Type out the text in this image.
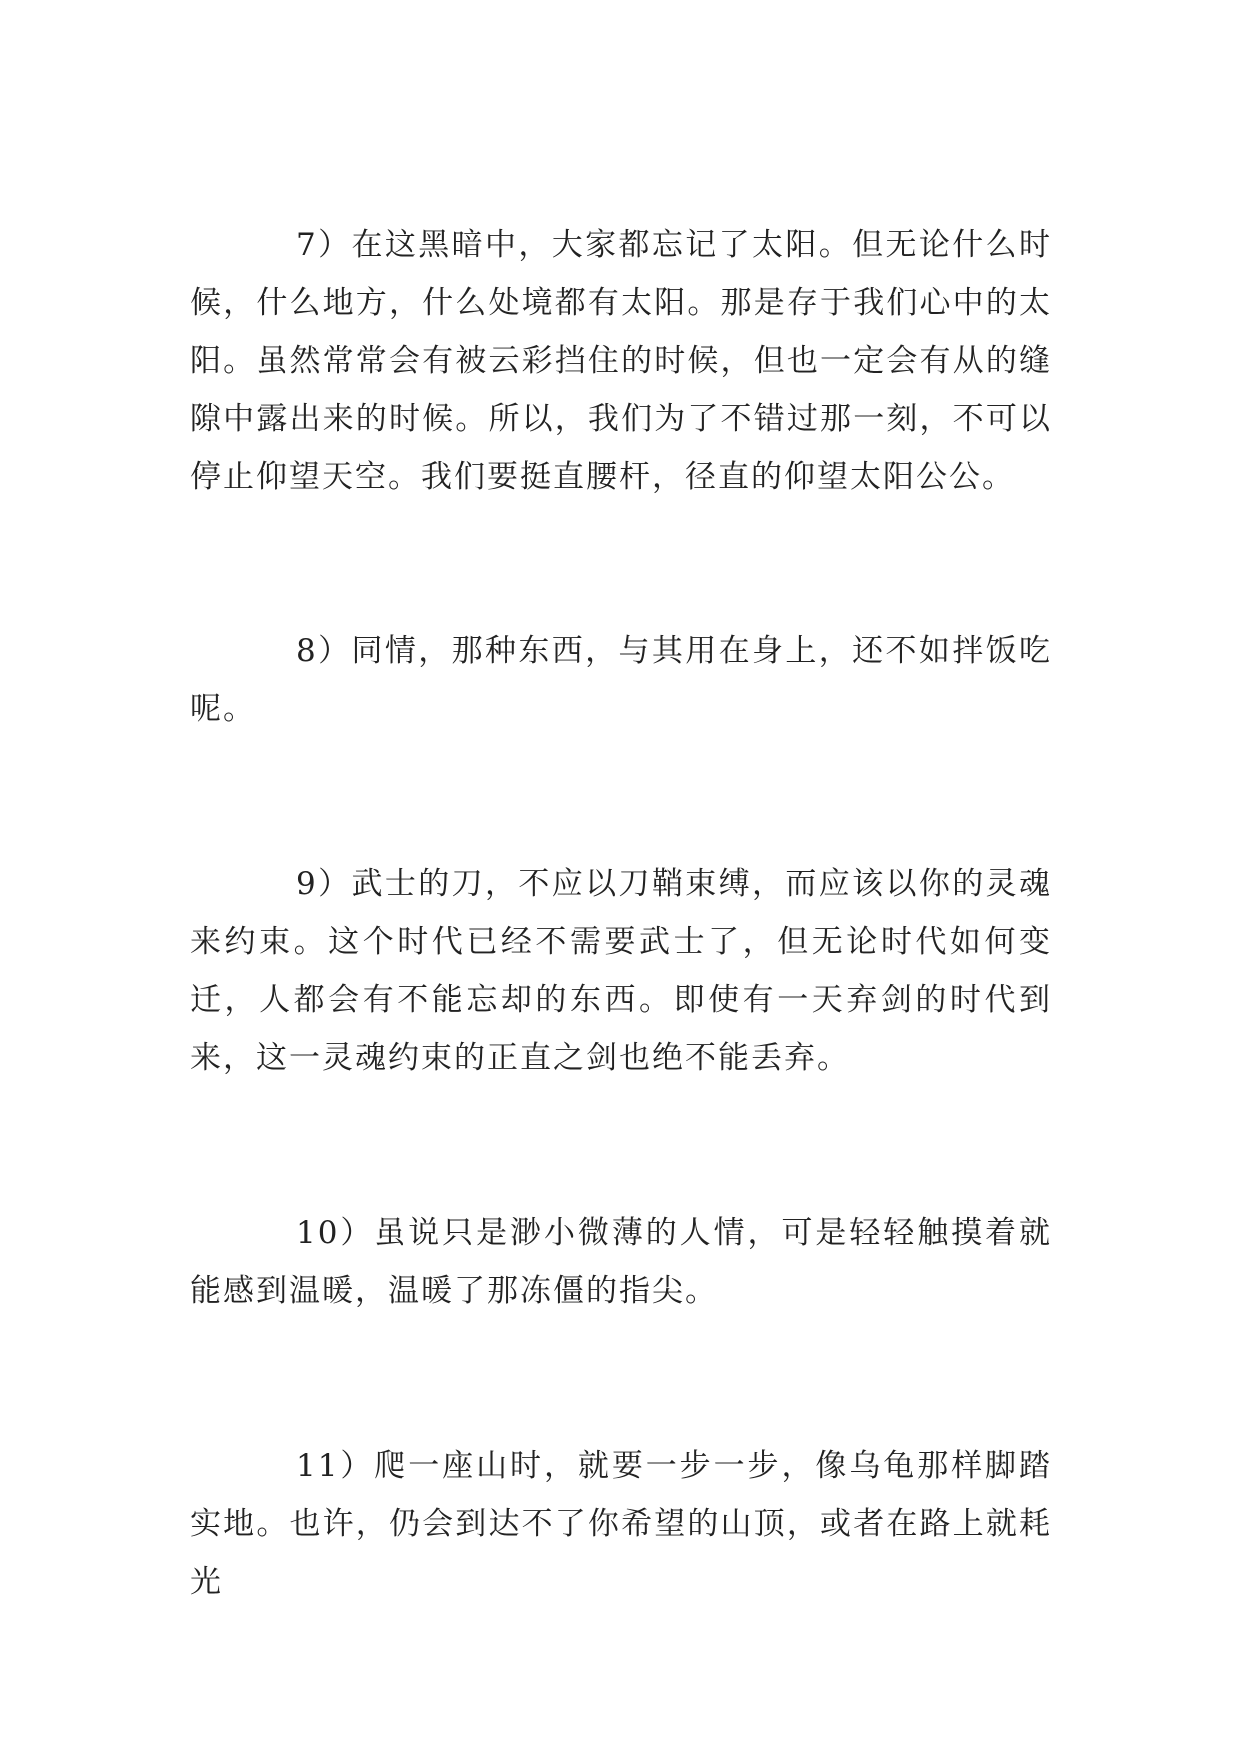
7）在这黑暗中，大家都忘记了太阳。但无论什么时候，什么地方，什么处境都有太阳。那是存于我们心中的太阳。虽然常常会有被云彩挡住的时候，但也一定会有从的缝隙中露出来的时候。所以，我们为了不错过那一刻，不可以停止仰望天空。我们要挺直腰杆，径直的仰望太阳公公。

8）同情，那种东西，与其用在身上，还不如拌饭吃呢。

9）武士的刀，不应以刀鞘束缚，而应该以你的灵魂来约束。这个时代已经不需要武士了，但无论时代如何变迁，人都会有不能忘却的东西。即使有一天弃剑的时代到来，这一灵魂约束的正直之剑也绝不能丢弃。

10）虽说只是渺小微薄的人情，可是轻轻触摸着就能感到温暖，温暖了那冻僵的指尖。

11）爬一座山时，就要一步一步，像乌龟那样脚踏实地。也许，仍会到达不了你希望的山顶，或者在路上就耗光
